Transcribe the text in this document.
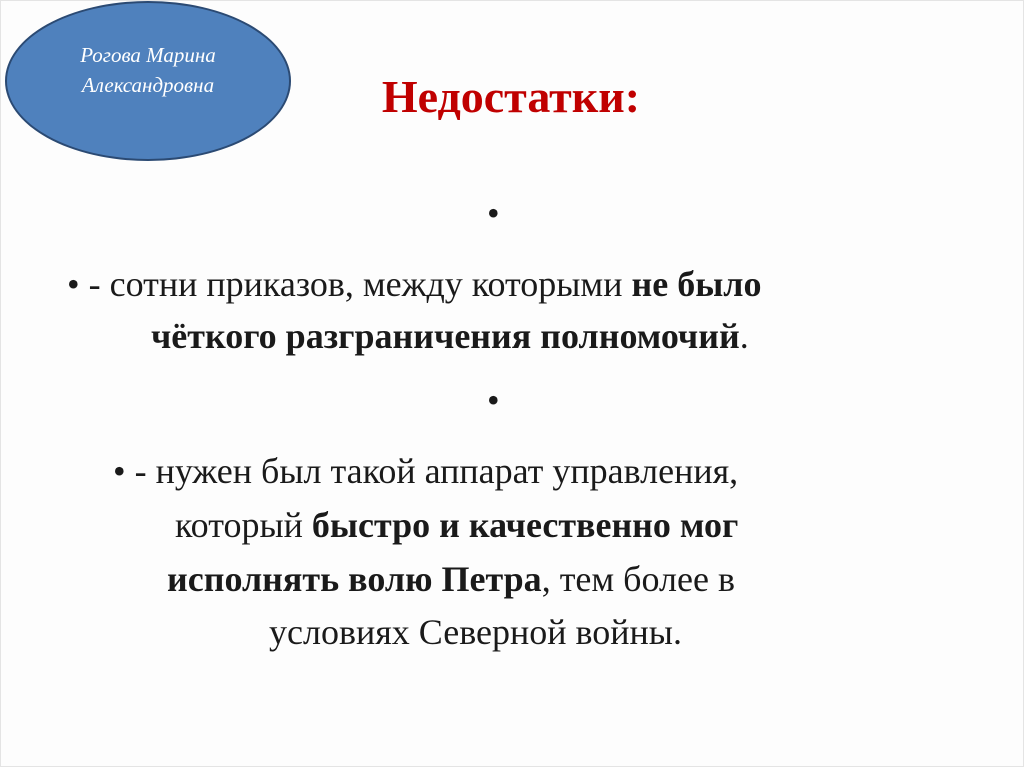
Рогова Марина
Александровна	Недостатки:
•
• - сотни приказов, между которыми не было
чёткого разграничения полномочий.
•
• - нужен был такой аппарат управления,
который быстро и качественно мог
исполнять волю Петра, тем более в
условиях Северной войны.
